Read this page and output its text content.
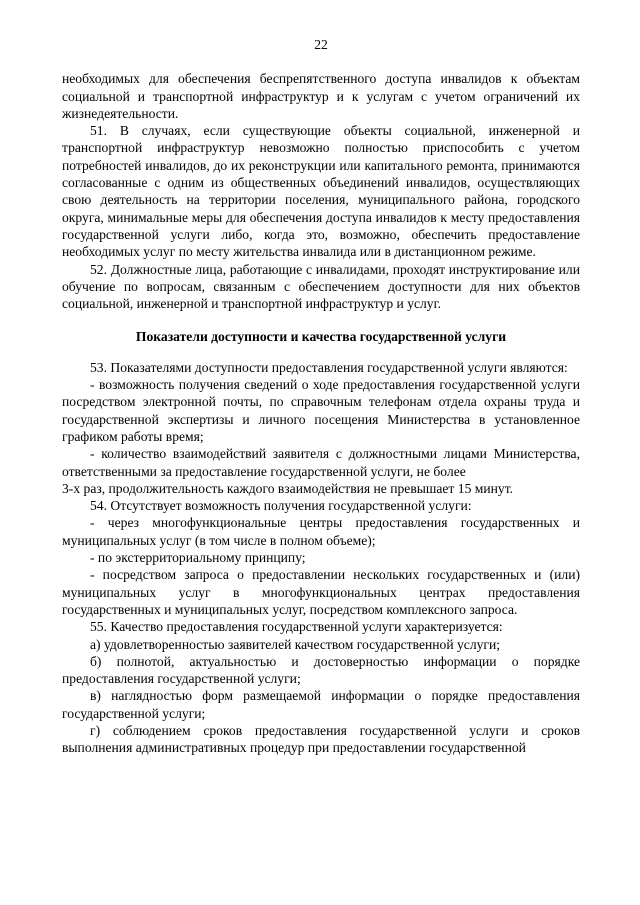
22

необходимых для обеспечения беспрепятственного доступа инвалидов к объектам социальной и транспортной инфраструктур и к услугам с учетом ограничений их жизнедеятельности.

51. В случаях, если существующие объекты социальной, инженерной и транспортной инфраструктур невозможно полностью приспособить с учетом потребностей инвалидов, до их реконструкции или капитального ремонта, принимаются согласованные с одним из общественных объединений инвалидов, осуществляющих свою деятельность на территории поселения, муниципального района, городского округа, минимальные меры для обеспечения доступа инвалидов к месту предоставления государственной услуги либо, когда это, возможно, обеспечить предоставление необходимых услуг по месту жительства инвалида или в дистанционном режиме.

52. Должностные лица, работающие с инвалидами, проходят инструктирование или обучение по вопросам, связанным с обеспечением доступности для них объектов социальной, инженерной и транспортной инфраструктур и услуг.

Показатели доступности и качества государственной услуги

53. Показателями доступности предоставления государственной услуги являются:

- возможность получения сведений о ходе предоставления государственной услуги посредством электронной почты, по справочным телефонам отдела охраны труда и государственной экспертизы и личного посещения Министерства в установленное графиком работы время;

- количество взаимодействий заявителя с должностными лицами Министерства, ответственными за предоставление государственной услуги, не более

3-х раз, продолжительность каждого взаимодействия не превышает 15 минут.

54. Отсутствует возможность получения государственной услуги:

- через многофункциональные центры предоставления государственных и муниципальных услуг (в том числе в полном объеме);

- по экстерриториальному принципу;

- посредством запроса о предоставлении нескольких государственных и (или) муниципальных услуг в многофункциональных центрах предоставления государственных и муниципальных услуг, посредством комплексного запроса.

55. Качество предоставления государственной услуги характеризуется:

а) удовлетворенностью заявителей качеством государственной услуги;

б) полнотой, актуальностью и достоверностью информации о порядке предоставления государственной услуги;

в) наглядностью форм размещаемой информации о порядке предоставления государственной услуги;

г) соблюдением сроков предоставления государственной услуги и сроков выполнения административных процедур при предоставлении государственной
